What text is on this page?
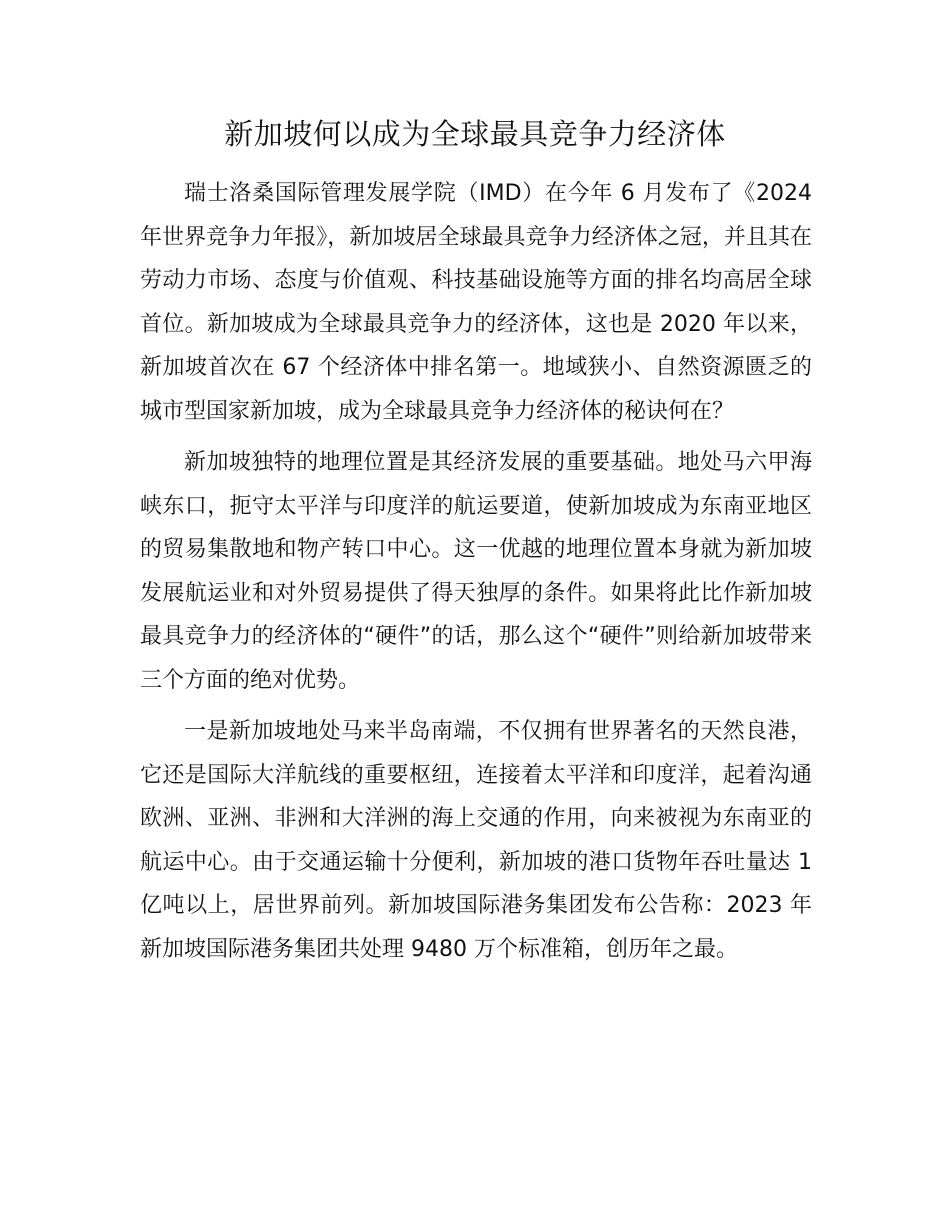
新加坡何以成为全球最具竞争力经济体

瑞士洛桑国际管理发展学院（IMD）在今年 6 月发布了《2024 年世界竞争力年报》，新加坡居全球最具竞争力经济体之冠，并且其在劳动力市场、态度与价值观、科技基础设施等方面的排名均高居全球首位。新加坡成为全球最具竞争力的经济体，这也是 2020 年以来，新加坡首次在 67 个经济体中排名第一。地域狭小、自然资源匮乏的城市型国家新加坡，成为全球最具竞争力经济体的秘诀何在？

新加坡独特的地理位置是其经济发展的重要基础。地处马六甲海峡东口，扼守太平洋与印度洋的航运要道，使新加坡成为东南亚地区的贸易集散地和物产转口中心。这一优越的地理位置本身就为新加坡发展航运业和对外贸易提供了得天独厚的条件。如果将此比作新加坡最具竞争力的经济体的“硬件”的话，那么这个“硬件”则给新加坡带来三个方面的绝对优势。

一是新加坡地处马来半岛南端，不仅拥有世界著名的天然良港，它还是国际大洋航线的重要枢纽，连接着太平洋和印度洋，起着沟通欧洲、亚洲、非洲和大洋洲的海上交通的作用，向来被视为东南亚的航运中心。由于交通运输十分便利，新加坡的港口货物年吞吐量达 1 亿吨以上，居世界前列。新加坡国际港务集团发布公告称：2023 年新加坡国际港务集团共处理 9480 万个标准箱，创历年之最。
